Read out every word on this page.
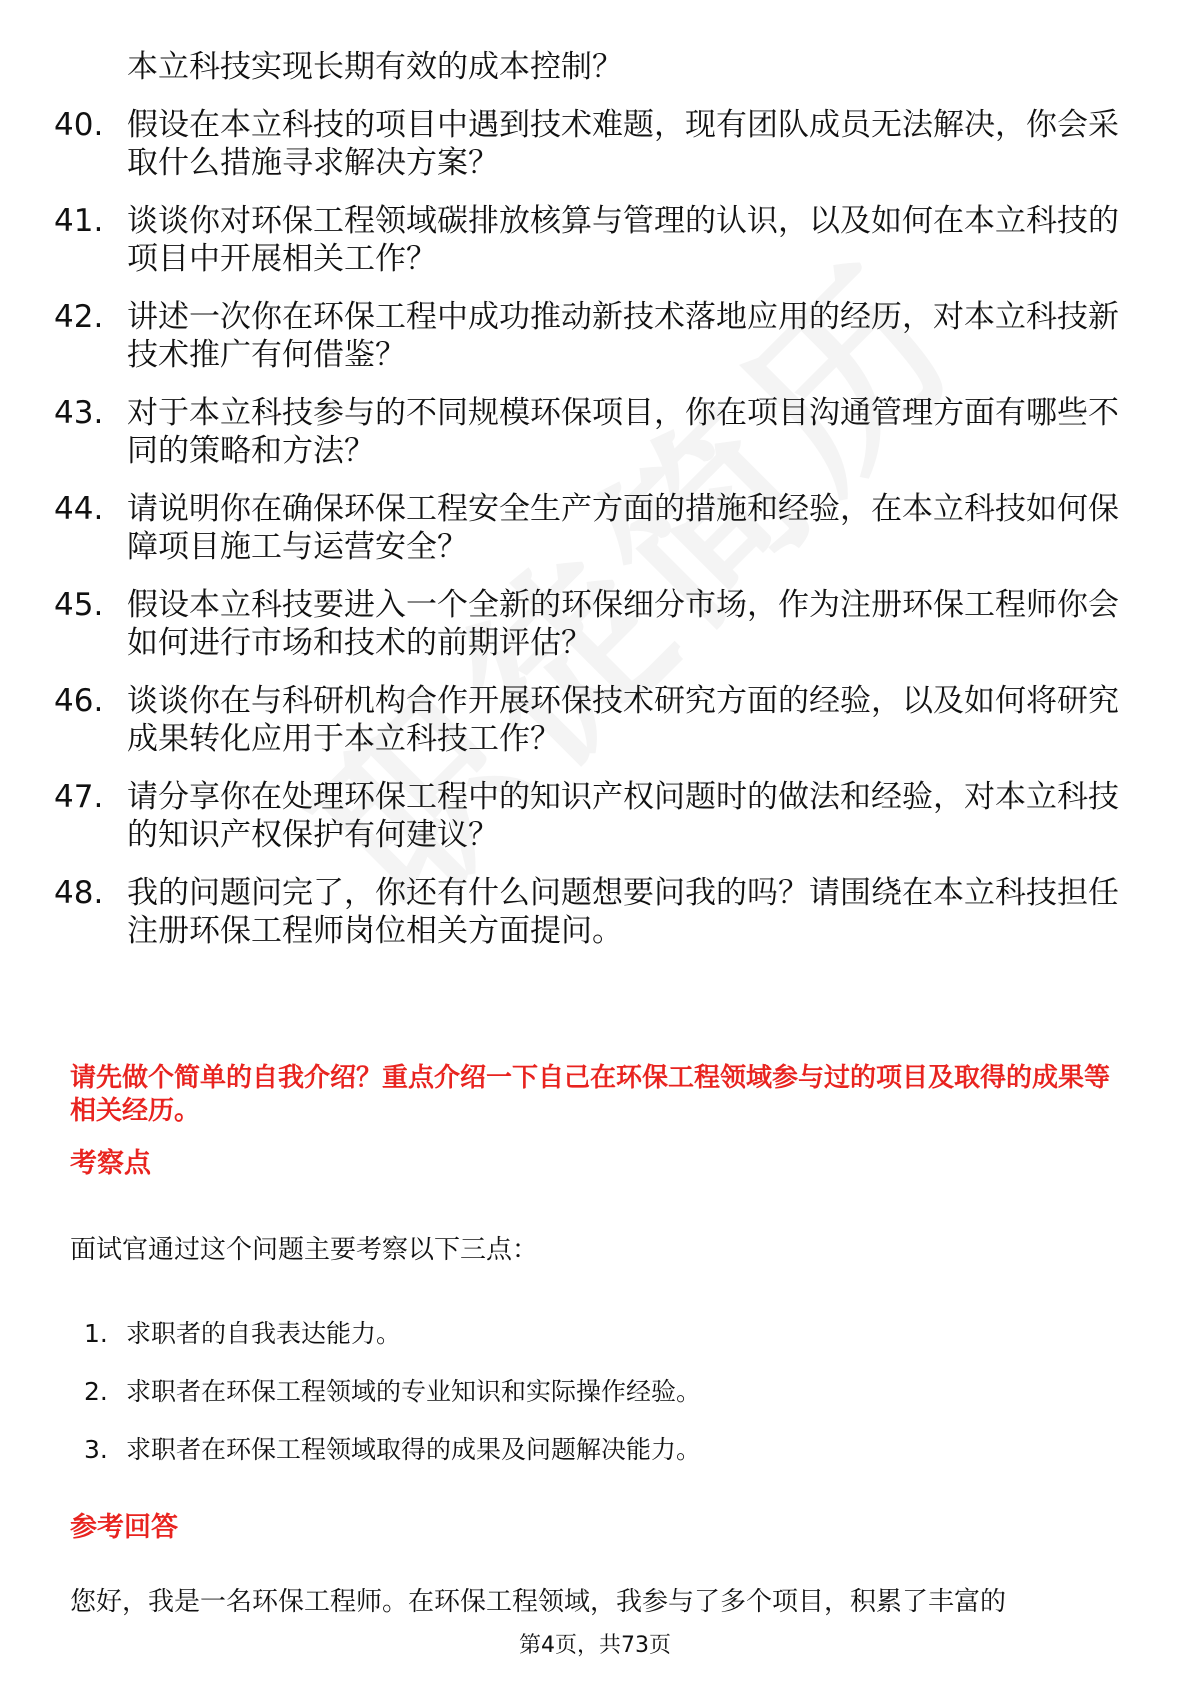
本立科技实现长期有效的成本控制？
40. 假设在本立科技的项目中遇到技术难题，现有团队成员无法解决，你会采取什么措施寻求解决方案？
41. 谈谈你对环保工程领域碳排放核算与管理的认识，以及如何在本立科技的项目中开展相关工作？
42. 讲述一次你在环保工程中成功推动新技术落地应用的经历，对本立科技新技术推广有何借鉴？
43. 对于本立科技参与的不同规模环保项目，你在项目沟通管理方面有哪些不同的策略和方法？
44. 请说明你在确保环保工程安全生产方面的措施和经验，在本立科技如何保障项目施工与运营安全？
45. 假设本立科技要进入一个全新的环保细分市场，作为注册环保工程师你会如何进行市场和技术的前期评估？
46. 谈谈你在与科研机构合作开展环保技术研究方面的经验，以及如何将研究成果转化应用于本立科技工作？
47. 请分享你在处理环保工程中的知识产权问题时的做法和经验，对本立科技的知识产权保护有何建议？
48. 我的问题问完了，你还有什么问题想要问我的吗？请围绕在本立科技担任注册环保工程师岗位相关方面提问。
请先做个简单的自我介绍？重点介绍一下自己在环保工程领域参与过的项目及取得的成果等相关经历。
考察点
面试官通过这个问题主要考察以下三点：
1. 求职者的自我表达能力。
2. 求职者在环保工程领域的专业知识和实际操作经验。
3. 求职者在环保工程领域取得的成果及问题解决能力。
参考回答
您好，我是一名环保工程师。在环保工程领域，我参与了多个项目，积累了丰富的
第4页，共73页
